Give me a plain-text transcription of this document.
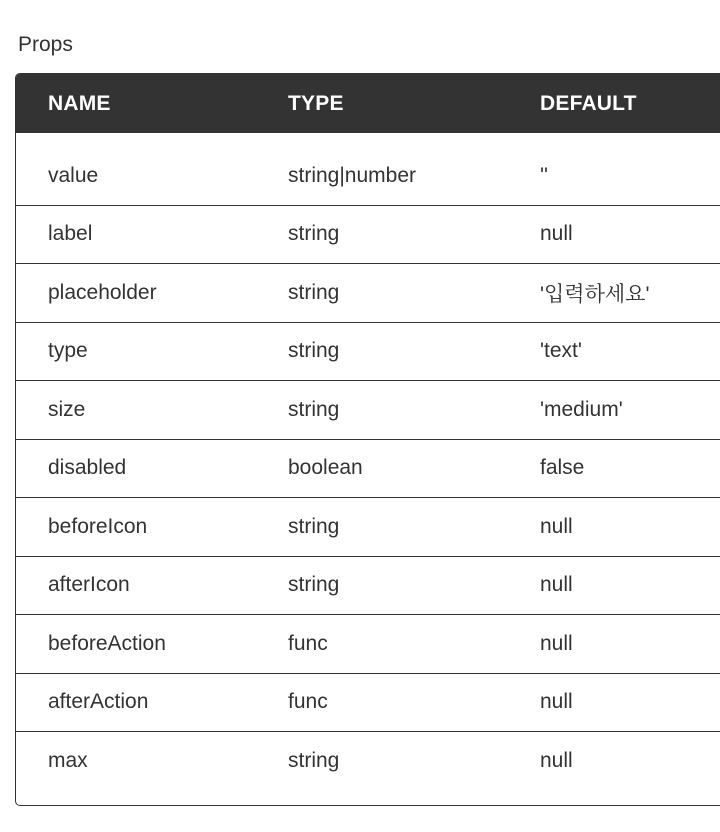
Props
NAME	TYPE	DEFAULT

value	string|number	''
label	string	null
placeholder	string	'입력하세요'
type	string	'text'
size	string	'medium'
disabled	boolean	false
beforeIcon	string	null
afterIcon	string	null
beforeAction	func	null
afterAction	func	null
max	string	null
